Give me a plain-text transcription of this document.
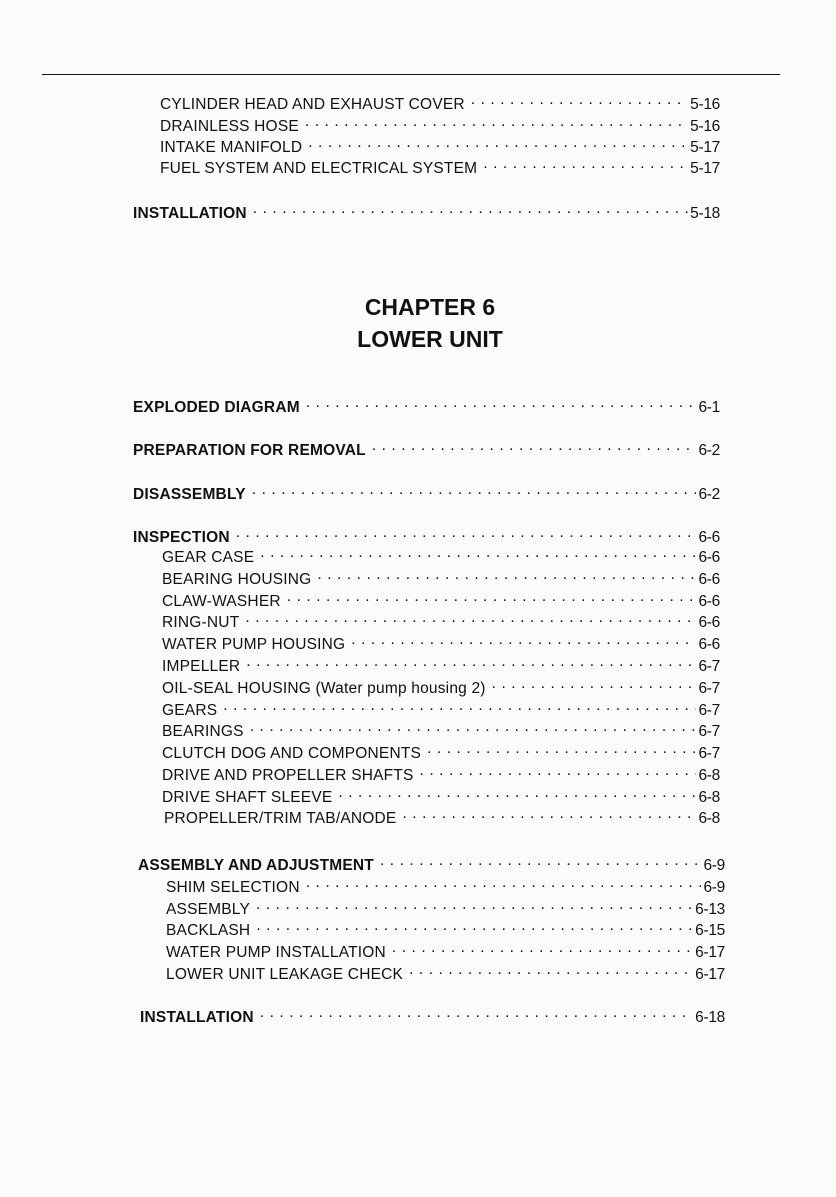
CYLINDER HEAD AND EXHAUST COVER . . .	5-16
DRAINLESS HOSE . . .	5-16
INTAKE MANIFOLD . . .	5-17
FUEL SYSTEM AND ELECTRICAL SYSTEM . . .	5-17
INSTALLATION . . .	5-18
CHAPTER 6
LOWER UNIT
EXPLODED DIAGRAM . . .	6-1
PREPARATION FOR REMOVAL . . .	6-2
DISASSEMBLY . . .	6-2
INSPECTION . . .	6-6
GEAR CASE . . .	6-6
BEARING HOUSING . . .	6-6
CLAW-WASHER . . .	6-6
RING-NUT . . .	6-6
WATER PUMP HOUSING . . .	6-6
IMPELLER . . .	6-7
OIL-SEAL HOUSING (Water pump housing 2) . . .	6-7
GEARS . . .	6-7
BEARINGS . . .	6-7
CLUTCH DOG AND COMPONENTS . . .	6-7
DRIVE AND PROPELLER SHAFTS . . .	6-8
DRIVE SHAFT SLEEVE . . .	6-8
PROPELLER/TRIM TAB/ANODE . . .	6-8
ASSEMBLY AND ADJUSTMENT . . .	6-9
SHIM SELECTION . . .	6-9
ASSEMBLY . . .	6-13
BACKLASH . . .	6-15
WATER PUMP INSTALLATION . . .	6-17
LOWER UNIT LEAKAGE CHECK . . .	6-17
INSTALLATION . . .	6-18
